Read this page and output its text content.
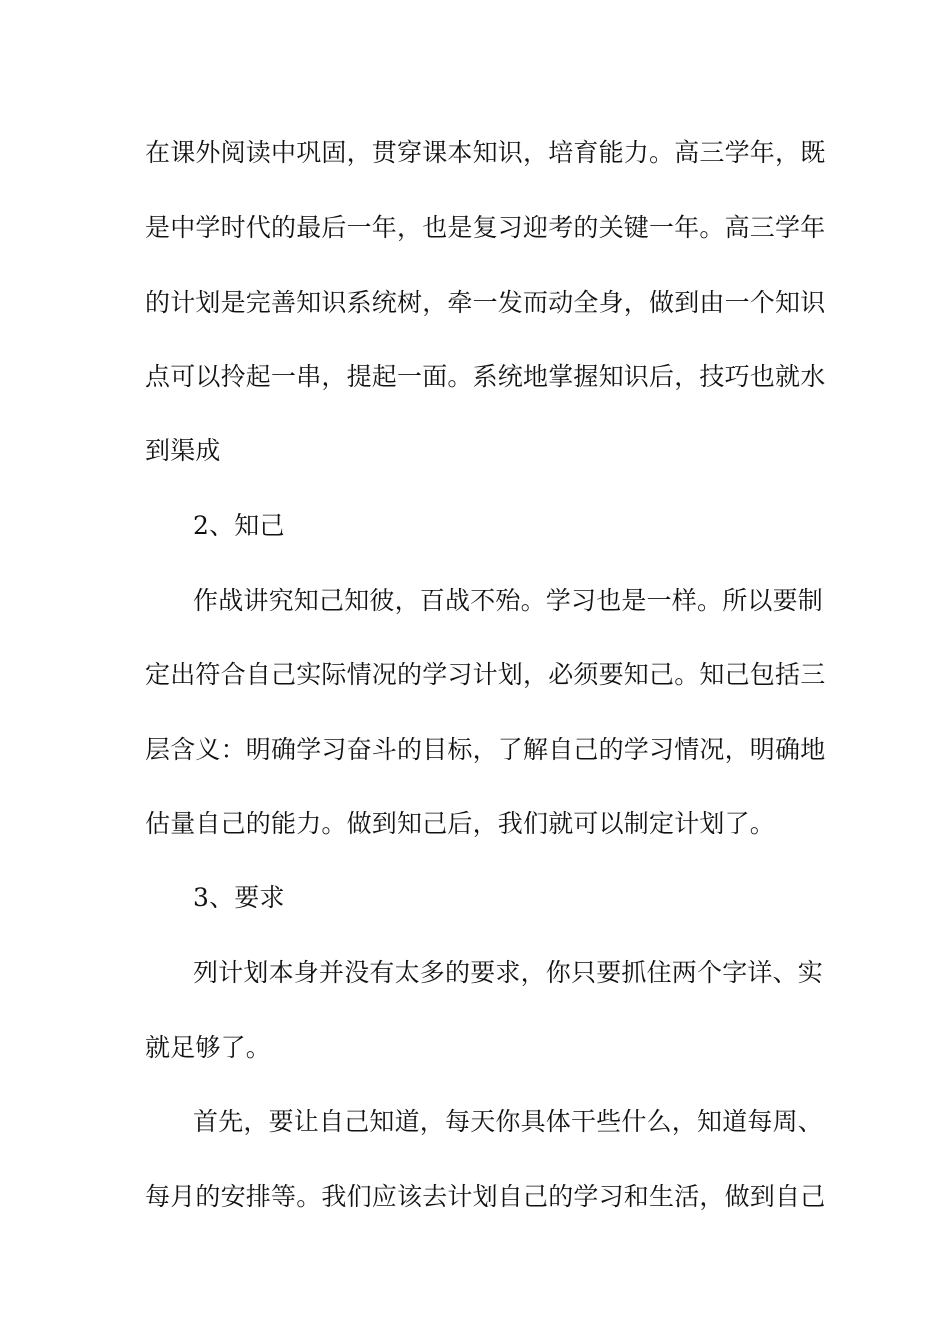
在课外阅读中巩固，贯穿课本知识，培育能力。高三学年，既
是中学时代的最后一年，也是复习迎考的关键一年。高三学年
的计划是完善知识系统树，牵一发而动全身，做到由一个知识
点可以拎起一串，提起一面。系统地掌握知识后，技巧也就水
到渠成
2、知己
作战讲究知己知彼，百战不殆。学习也是一样。所以要制
定出符合自己实际情况的学习计划，必须要知己。知己包括三
层含义：明确学习奋斗的目标，了解自己的学习情况，明确地
估量自己的能力。做到知己后，我们就可以制定计划了。
3、要求
列计划本身并没有太多的要求，你只要抓住两个字详、实
就足够了。
首先，要让自己知道，每天你具体干些什么，知道每周、
每月的安排等。我们应该去计划自己的学习和生活，做到自己
